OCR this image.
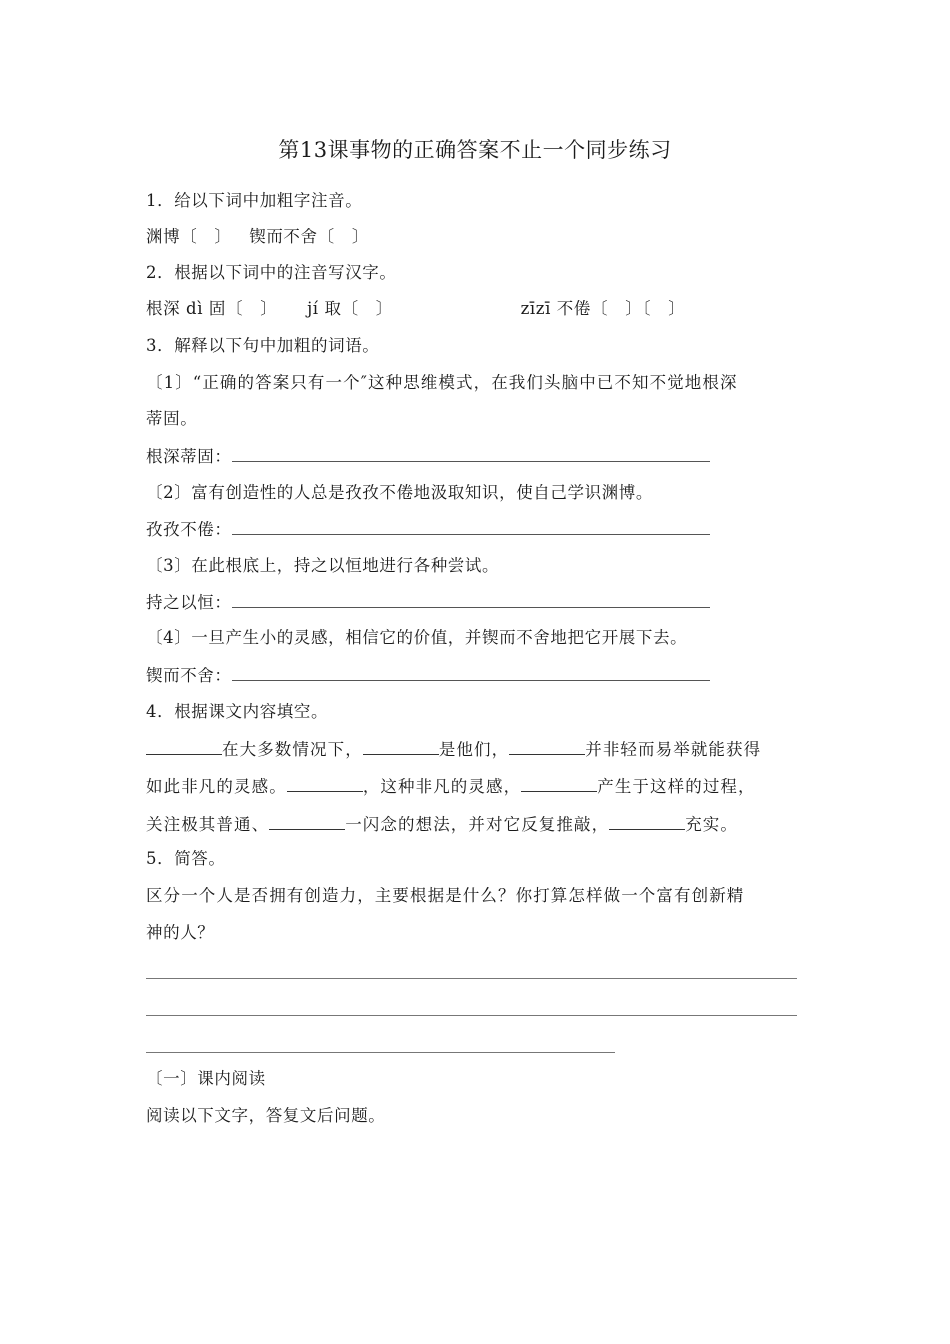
第13课事物的正确答案不止一个同步练习
1．给以下词中加粗字注音。
渊博〔　〕 锲而不舍〔　〕
2．根据以下词中的注音写汉字。
根深 dì 固〔　〕 jí 取〔　〕	zīzī 不倦〔　〕〔　〕
3．解释以下句中加粗的词语。
〔1〕“正确的答案只有一个″这种思维模式，在我们头脑中已不知不觉地根深
蒂固。
根深蒂固：
〔2〕富有创造性的人总是孜孜不倦地汲取知识，使自己学识渊博。
孜孜不倦：
〔3〕在此根底上，持之以恒地进行各种尝试。
持之以恒：
〔4〕一旦产生小的灵感，相信它的价值，并锲而不舍地把它开展下去。
锲而不舍：
4．根据课文内容填空。
在大多数情况下，	是他们，	并非轻而易举就能获得
如此非凡的灵感。	，这种非凡的灵感，	产生于这样的过程，
关注极其普通、	一闪念的想法，并对它反复推敲，	充实。
5．简答。
区分一个人是否拥有创造力，主要根据是什么？你打算怎样做一个富有创新精
神的人？
〔一〕课内阅读
阅读以下文字，答复文后问题。
